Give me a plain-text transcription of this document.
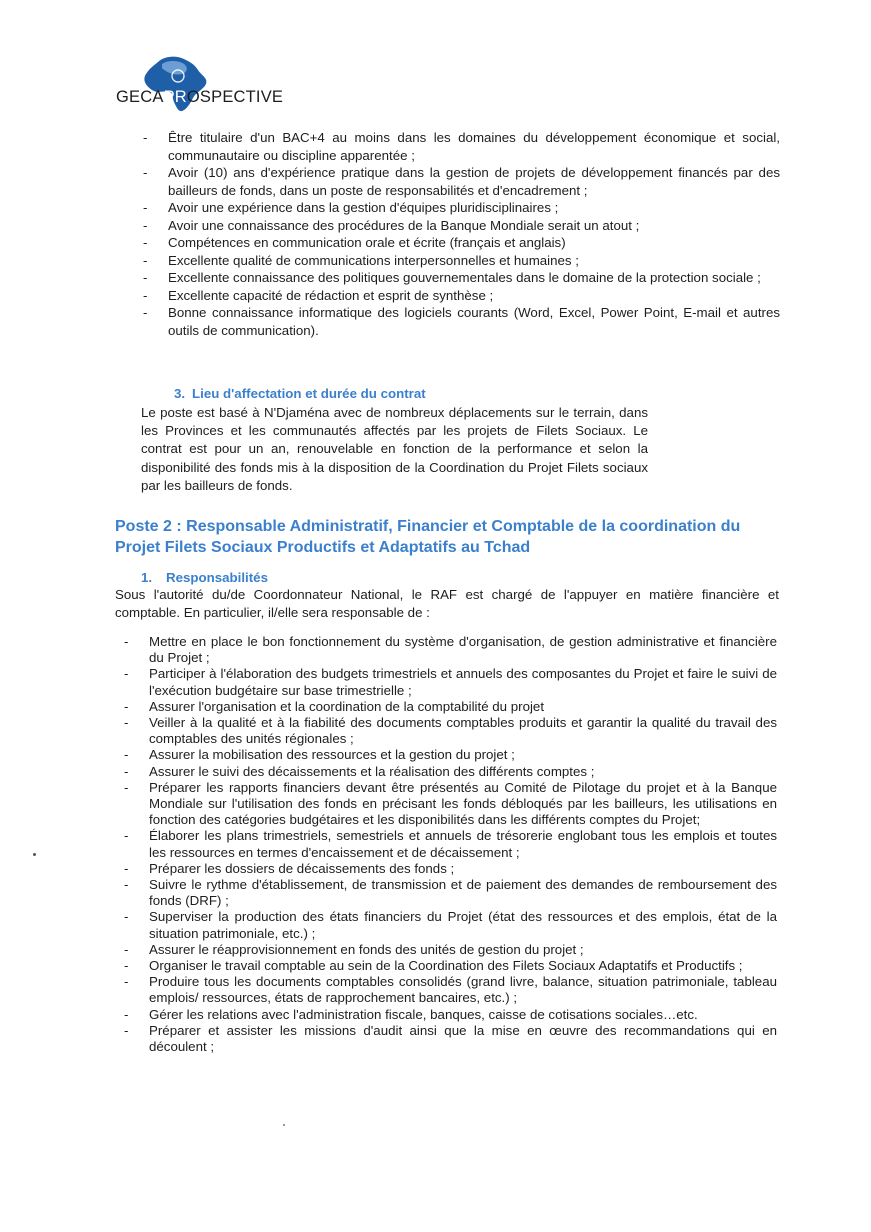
GECAPROSPECTIVE
- Être titulaire d'un BAC+4 au moins dans les domaines du développement économique et social, communautaire ou discipline apparentée ;
- Avoir (10) ans d'expérience pratique dans la gestion de projets de développement financés par des bailleurs de fonds, dans un poste de responsabilités et d'encadrement ;
- Avoir une expérience dans la gestion d'équipes pluridisciplinaires ;
- Avoir une connaissance des procédures de la Banque Mondiale serait un atout ;
- Compétences en communication orale et écrite (français et anglais)
- Excellente qualité de communications interpersonnelles et humaines ;
- Excellente connaissance des politiques gouvernementales dans le domaine de la protection sociale ;
- Excellente capacité de rédaction et esprit de synthèse ;
- Bonne connaissance informatique des logiciels courants (Word, Excel, Power Point, E-mail et autres outils de communication).
3. Lieu d'affectation et durée du contrat
Le poste est basé à N'Djaména avec de nombreux déplacements sur le terrain, dans les Provinces et les communautés affectés par les projets de Filets Sociaux. Le contrat est pour un an, renouvelable en fonction de la performance et selon la disponibilité des fonds mis à la disposition de la Coordination du Projet Filets sociaux par les bailleurs de fonds.
Poste 2 : Responsable Administratif, Financier et Comptable de la coordination du Projet Filets Sociaux Productifs et Adaptatifs au Tchad
1. Responsabilités
Sous l'autorité du/de Coordonnateur National, le RAF est chargé de l'appuyer en matière financière et comptable. En particulier, il/elle sera responsable de :
- Mettre en place le bon fonctionnement du système d'organisation, de gestion administrative et financière du Projet ;
- Participer à l'élaboration des budgets trimestriels et annuels des composantes du Projet et faire le suivi de l'exécution budgétaire sur base trimestrielle ;
- Assurer l'organisation et la coordination de la comptabilité du projet
- Veiller à la qualité et à la fiabilité des documents comptables produits et garantir la qualité du travail des comptables des unités régionales ;
- Assurer la mobilisation des ressources et la gestion du projet ;
- Assurer le suivi des décaissements et la réalisation des différents comptes ;
- Préparer les rapports financiers devant être présentés au Comité de Pilotage du projet et à la Banque Mondiale sur l'utilisation des fonds en précisant les fonds débloqués par les bailleurs, les utilisations en fonction des catégories budgétaires et les disponibilités dans les différents comptes du Projet;
- Élaborer les plans trimestriels, semestriels et annuels de trésorerie englobant tous les emplois et toutes les ressources en termes d'encaissement et de décaissement ;
- Préparer les dossiers de décaissements des fonds ;
- Suivre le rythme d'établissement, de transmission et de paiement des demandes de remboursement des fonds (DRF) ;
- Superviser la production des états financiers du Projet (état des ressources et des emplois, état de la situation patrimoniale, etc.) ;
- Assurer le réapprovisionnement en fonds des unités de gestion du projet ;
- Organiser le travail comptable au sein de la Coordination des Filets Sociaux Adaptatifs et Productifs ;
- Produire tous les documents comptables consolidés (grand livre, balance, situation patrimoniale, tableau emplois/ ressources, états de rapprochement bancaires, etc.) ;
- Gérer les relations avec l'administration fiscale, banques, caisse de cotisations sociales…etc.
- Préparer et assister les missions d'audit ainsi que la mise en œuvre des recommandations qui en découlent ;
